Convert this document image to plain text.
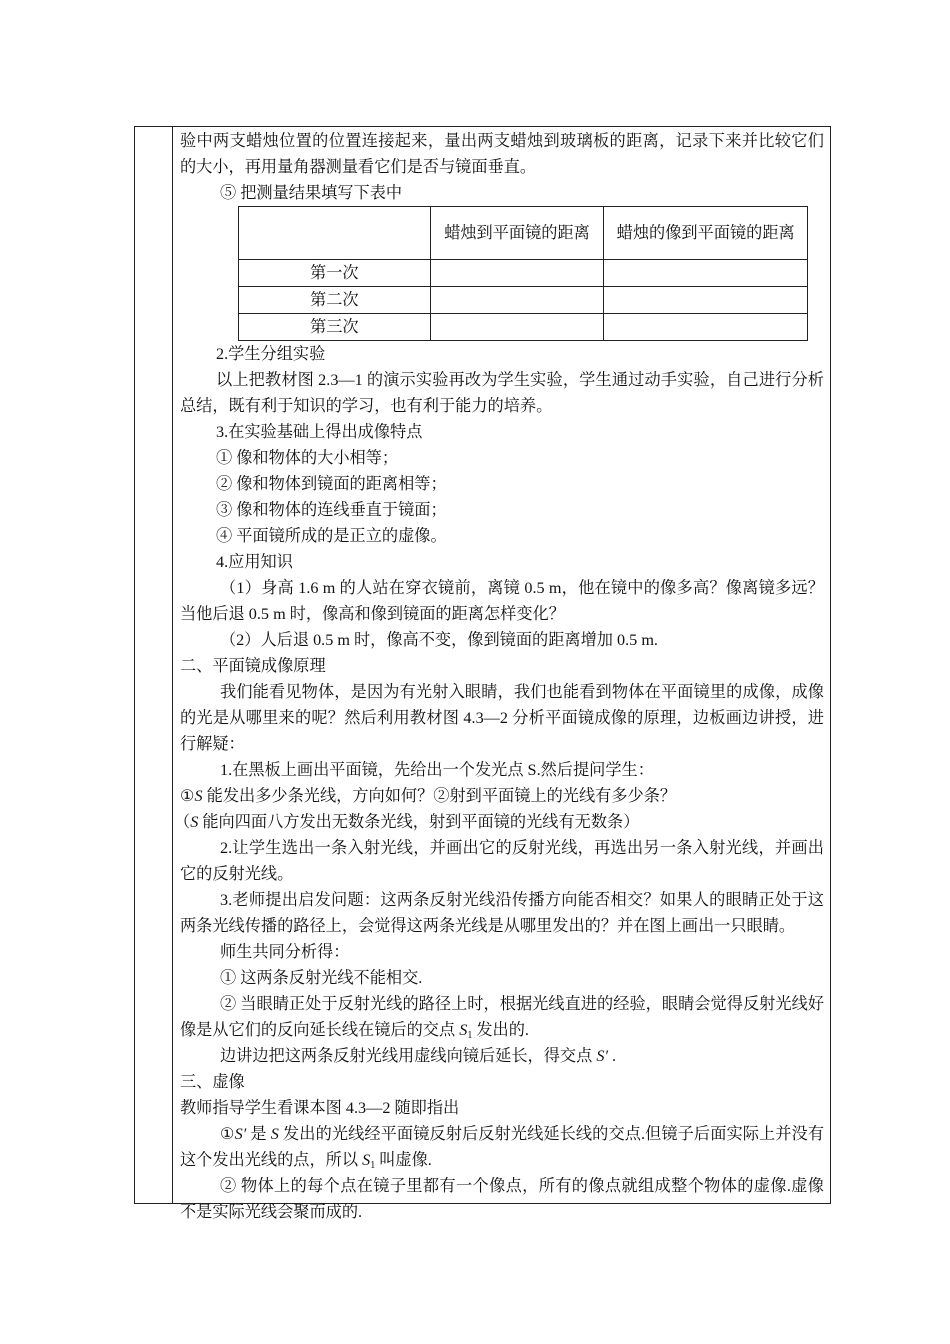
验中两支蜡烛位置的位置连接起来，量出两支蜡烛到玻璃板的距离，记录下来并比较它们的大小，再用量角器测量看它们是否与镜面垂直。

⑤ 把测量结果填写下表中

	蜡烛到平面镜的距离	蜡烛的像到平面镜的距离
第一次		
第二次		
第三次		

2.学生分组实验

以上把教材图 2.3—1 的演示实验再改为学生实验，学生通过动手实验，自己进行分析总结，既有利于知识的学习，也有利于能力的培养。

3.在实验基础上得出成像特点

① 像和物体的大小相等；

② 像和物体到镜面的距离相等；

③ 像和物体的连线垂直于镜面；

④ 平面镜所成的是正立的虚像。

4.应用知识

（1）身高 1.6 m 的人站在穿衣镜前，离镜 0.5 m，他在镜中的像多高？像离镜多远？当他后退 0.5 m 时，像高和像到镜面的距离怎样变化？

（2）人后退 0.5 m 时，像高不变，像到镜面的距离增加 0.5 m.

二、平面镜成像原理

我们能看见物体，是因为有光射入眼睛，我们也能看到物体在平面镜里的成像，成像的光是从哪里来的呢？然后利用教材图 4.3—2 分析平面镜成像的原理，边板画边讲授，进行解疑：

1.在黑板上画出平面镜，先给出一个发光点 S.然后提问学生：

①S 能发出多少条光线，方向如何？②射到平面镜上的光线有多少条？

（S 能向四面八方发出无数条光线，射到平面镜的光线有无数条）

2.让学生选出一条入射光线，并画出它的反射光线，再选出另一条入射光线，并画出它的反射光线。

3.老师提出启发问题：这两条反射光线沿传播方向能否相交？如果人的眼睛正处于这两条光线传播的路径上，会觉得这两条光线是从哪里发出的？并在图上画出一只眼睛。

师生共同分析得：

① 这两条反射光线不能相交.

② 当眼睛正处于反射光线的路径上时，根据光线直进的经验，眼睛会觉得反射光线好像是从它们的反向延长线在镜后的交点 $S_1$ 发出的.

边讲边把这两条反射光线用虚线向镜后延长，得交点 S′ .

三、虚像

教师指导学生看课本图 4.3—2 随即指出

①S′ 是 S 发出的光线经平面镜反射后反射光线延长线的交点.但镜子后面实际上并没有这个发出光线的点，所以 $S_1$ 叫虚像.

② 物体上的每个点在镜子里都有一个像点，所有的像点就组成整个物体的虚像.虚像不是实际光线会聚而成的.
